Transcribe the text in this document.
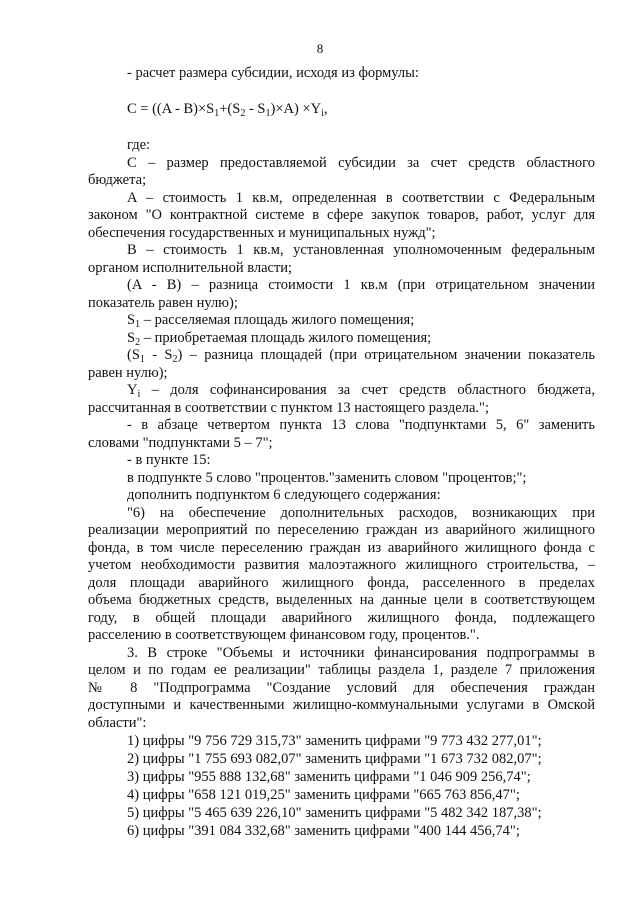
8
- расчет размера субсидии, исходя из формулы:
$C = ((A - B)\times S_1+(S_2 - S_1)\times A) \times Y_i$,
где:
C – размер предоставляемой субсидии за счет средств областного
бюджета;
A – стоимость 1 кв.м, определенная в соответствии с Федеральным
законом "О контрактной системе в сфере закупок товаров, работ, услуг для
обеспечения государственных и муниципальных нужд";
B – стоимость 1 кв.м, установленная уполномоченным федеральным
органом исполнительной власти;
(A - B) – разница стоимости 1 кв.м (при отрицательном значении
показатель равен нулю);
$S_1$ – расселяемая площадь жилого помещения;
$S_2$ – приобретаемая площадь жилого помещения;
$(S_1 - S_2)$ – разница площадей (при отрицательном значении показатель
равен нулю);
$Y_i$ – доля софинансирования за счет средств областного бюджета,
рассчитанная в соответствии с пунктом 13 настоящего раздела.";
- в абзаце четвертом пункта 13 слова "подпунктами 5, 6" заменить
словами "подпунктами 5 – 7";
- в пункте 15:
в подпункте 5 слово "процентов."заменить словом "процентов;";
дополнить подпунктом 6 следующего содержания:
"6) на обеспечение дополнительных расходов, возникающих при
реализации мероприятий по переселению граждан из аварийного жилищного
фонда, в том числе переселению граждан из аварийного жилищного фонда с
учетом необходимости развития малоэтажного жилищного строительства, –
доля площади аварийного жилищного фонда, расселенного в пределах
объема бюджетных средств, выделенных на данные цели в соответствующем
году, в общей площади аварийного жилищного фонда, подлежащего
расселению в соответствующем финансовом году, процентов.".
3. В строке "Объемы и источники финансирования подпрограммы в
целом и по годам ее реализации" таблицы раздела 1, разделе 7 приложения
№ 8 "Подпрограмма "Создание условий для обеспечения граждан
доступными и качественными жилищно-коммунальными услугами в Омской
области":
1) цифры "9 756 729 315,73" заменить цифрами "9 773 432 277,01";
2) цифры "1 755 693 082,07" заменить цифрами "1 673 732 082,07";
3) цифры "955 888 132,68" заменить цифрами "1 046 909 256,74";
4) цифры "658 121 019,25" заменить цифрами "665 763 856,47";
5) цифры "5 465 639 226,10" заменить цифрами "5 482 342 187,38";
6) цифры "391 084 332,68" заменить цифрами "400 144 456,74";
